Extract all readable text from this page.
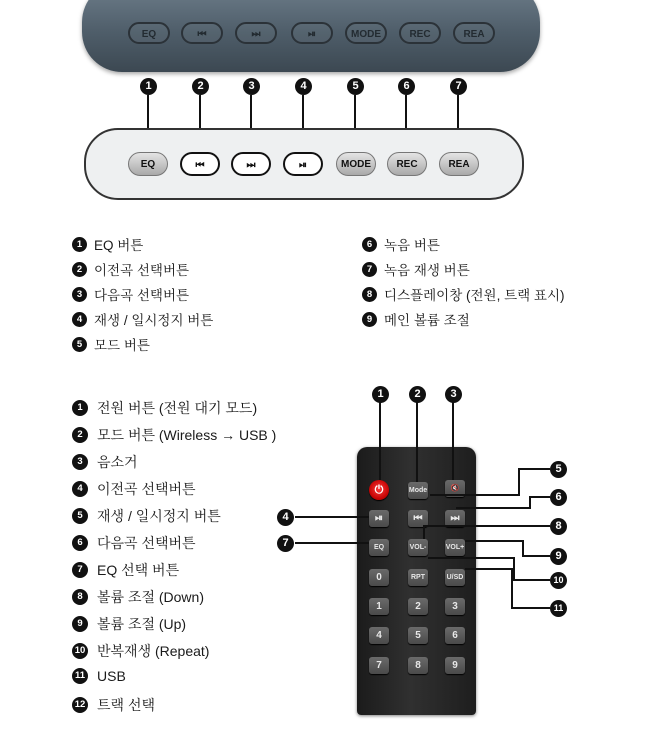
EQ	⏮	⏭	⏯	MODE	REC	REA
1	2	3	4	5	6	7
EQ	⏮	⏭	⏯	MODE	REC	REA
1 EQ 버튼
2 이전곡 선택버튼
3 다음곡 선택버튼
4 재생 / 일시정지 버튼
5 모드 버튼
6 녹음 버튼
7 녹음 재생 버튼
8 디스플레이창 (전원, 트랙 표시)
9 메인 볼륨 조절
1	전원 버튼 (전원 대기 모드)
2	모드 버튼 (Wireless → USB )
3	음소거
4	이전곡 선택버튼
5	재생 / 일시정지 버튼
6	다음곡 선택버튼
7	EQ 선택 버튼
8	볼륨 조절 (Down)
9	볼륨 조절 (Up)
10 반복재생 (Repeat)
11 USB
12 트랙 선택
⏻	Mode	🔇
⏯	⏮	⏭
EQ	VOL-	VOL+
0	RPT	U/SD
1	2	3
4	5	6
7	8	9
1	2	3
4
5
6
7
8
9
10
11
